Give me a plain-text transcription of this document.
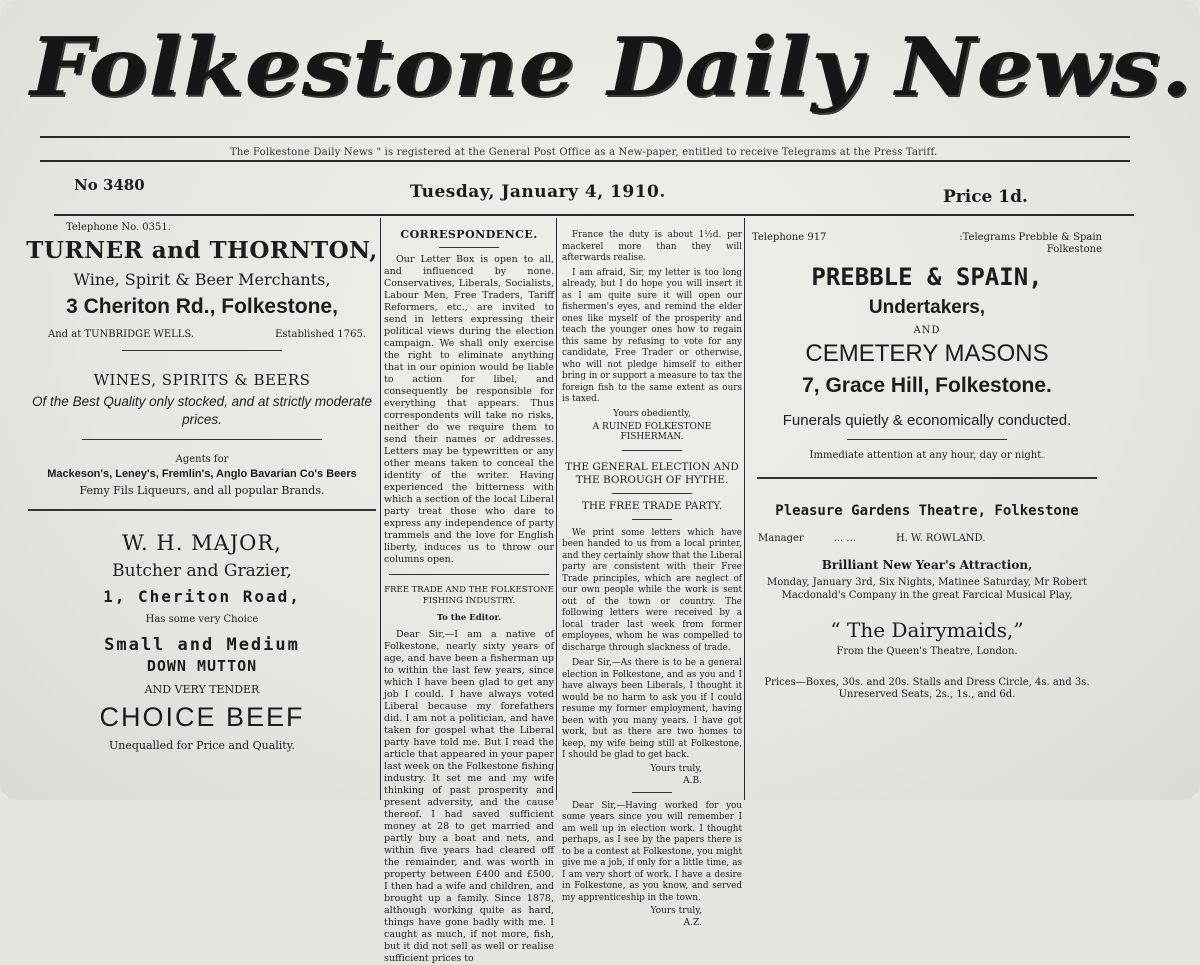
Folkestone Daily News.
The Folkestone Daily News " is registered at the General Post Office as a New-paper, entitled to receive Telegrams at the Press Tariff.
No 3480	Tuesday, January 4, 1910.	Price 1d.
Telephone No. 0351.
TURNER and THORNTON,
Wine, Spirit & Beer Merchants,
3 Cheriton Rd., Folkestone,
And at TUNBRIDGE WELLS.	Established 1765.
WINES, SPIRITS & BEERS
Of the Best Quality only stocked, and at strictly moderate prices.
Agents for
Mackeson's, Leney's, Fremlin's, Anglo Bavarian Co's Beers
Femy Fils Liqueurs, and all popular Brands.
W. H. MAJOR,
Butcher and Grazier,
1, Cheriton Road,
Has some very Choice
Small and Medium
DOWN MUTTON
AND VERY TENDER
CHOICE BEEF
Unequalled for Price and Quality.
CORRESPONDENCE.

Our Letter Box is open to all, and influenced by none. Conservatives, Liberals, Socialists, Labour Men, Free Traders, Tariff Reformers, etc., are invited to send in letters expressing their political views during the election campaign. We shall only exercise the right to eliminate anything that in our opinion would be liable to action for libel, and consequently be responsible for everything that appears. Thus correspondents will take no risks, neither do we require them to send their names or addresses. Letters may be typewritten or any other means taken to conceal the identity of the writer. Having experienced the bitterness with which a section of the local Liberal party treat those who dare to express any independence of party trammels and the love for English liberty, induces us to throw our columns open.

FREE TRADE AND THE FOLKESTONE FISHING INDUSTRY.
To the Editor.

Dear Sir,—I am a native of Folkestone, nearly sixty years of age, and have been a fisherman up to within the last few years, since which I have been glad to get any job I could. I have always voted Liberal because my forefathers did. I am not a politician, and have taken for gospel what the Liberal party have told me. But I read the article that appeared in your paper last week on the Folkestone fishing industry. It set me and my wife thinking of past prosperity and present adversity, and the cause thereof. I had saved sufficient money at 28 to get married and partly buy a boat and nets, and within five years had cleared off the remainder, and was worth in property between £400 and £500. I then had a wife and children, and brought up a family. Since 1878, although working quite as hard, things have gone badly with me. I caught as much, if not more, fish, but it did not sell as well or realise sufficient prices to

France the duty is about 1½d. per mackerel more than they will afterwards realise.

I am afraid, Sir, my letter is too long already, but I do hope you will insert it as I am quite sure it will open our fishermen's eyes, and remind the elder ones like myself of the prosperity and teach the younger ones how to regain this same by refusing to vote for any candidate, Free Trader or otherwise, who will not pledge himself to either bring in or support a measure to tax the foreign fish to the same extent as ours is taxed.

Yours obediently,
A RUINED FOLKESTONE FISHERMAN.
THE GENERAL ELECTION AND THE BOROUGH OF HYTHE.
THE FREE TRADE PARTY.

We print some letters which have been handed to us from a local printer, and they certainly show that the Liberal party are consistent with their Free Trade principles, which are neglect of our own people while the work is sent out of the town or country. The following letters were received by a local trader last week from former employees, whom he was compelled to discharge through slackness of trade.

Dear Sir,—As there is to be a general election in Folkestone, and as you and I have always been Liberals, I thought it would be no harm to ask you if I could resume my former employment, having been with you many years. I have got work, but as there are two homes to keep, my wife being still at Folkestone, I should be glad to get back.

Yours truly,
A.B.

Dear Sir,—Having worked for you some years since you will remember I am well up in election work. I thought perhaps, as I see by the papers there is to be a contest at Folkestone, you might give me a job, if only for a little time, as I am very short of work. I have a desire in Folkestone, as you know, and served my apprenticeship in the town.

Yours truly,
A.Z.
Telephone 917	:Telegrams Prebble & Spain
Folkestone
PREBBLE & SPAIN,
Undertakers,
AND
CEMETERY MASONS
7, Grace Hill, Folkestone.
Funerals quietly & economically conducted.
Immediate attention at any hour, day or night.
Pleasure Gardens Theatre, Folkestone
Manager	... ...	H. W. ROWLAND.
Brilliant New Year's Attraction,
Monday, January 3rd, Six Nights, Matinee Saturday, Mr Robert Macdonald's Company in the great Farcical Musical Play,
“ The Dairymaids,”
From the Queen's Theatre, London.
Prices—Boxes, 30s. and 20s. Stalls and Dress Circle, 4s. and 3s. Unreserved Seats, 2s., 1s., and 6d.
